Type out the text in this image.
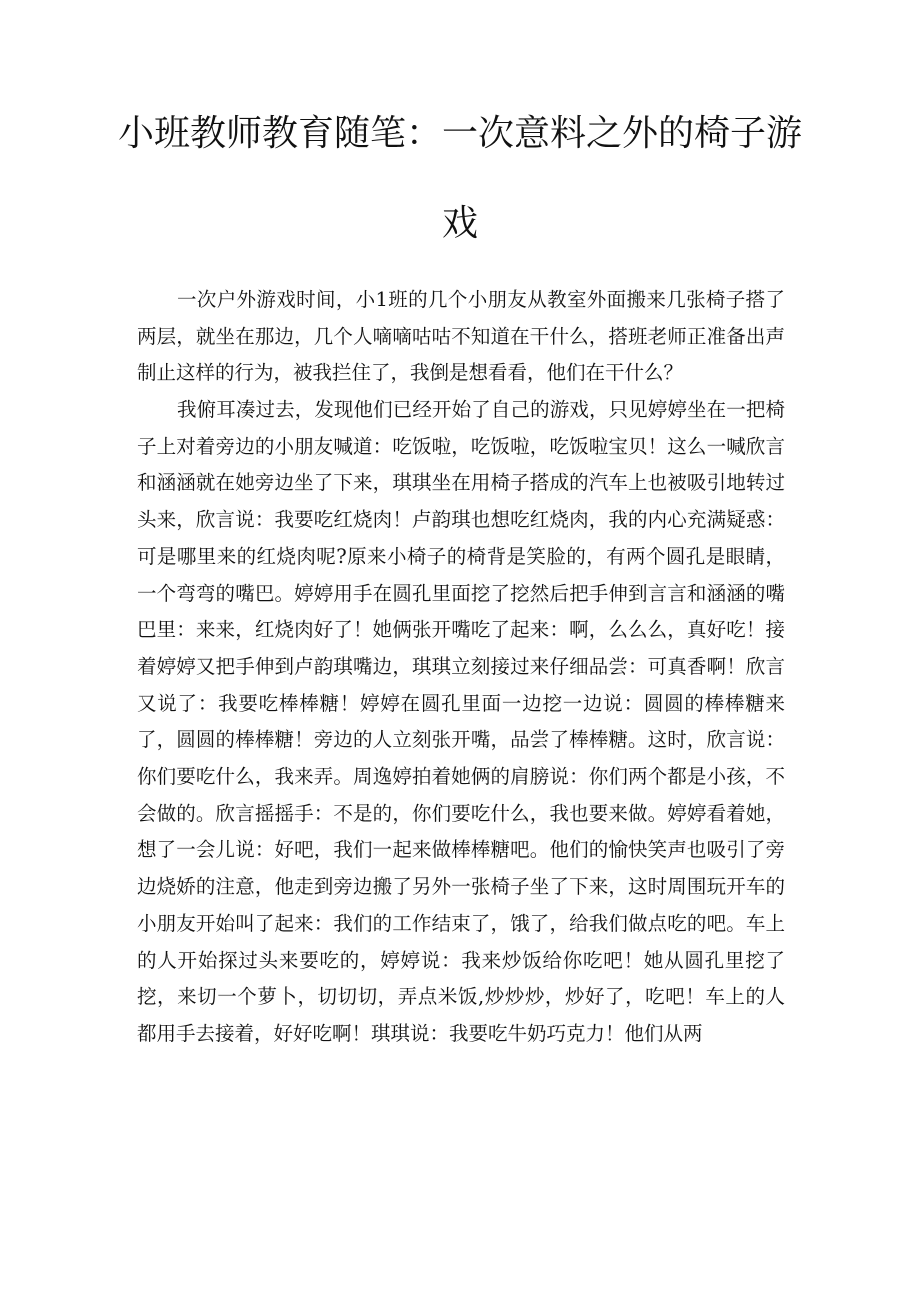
小班教师教育随笔：一次意料之外的椅子游
戏

一次户外游戏时间，小1班的几个小朋友从教室外面搬来几张椅子搭了两层，就坐在那边，几个人嘀嘀咕咕不知道在干什么，搭班老师正准备出声制止这样的行为，被我拦住了，我倒是想看看，他们在干什么？

我俯耳凑过去，发现他们已经开始了自己的游戏，只见婷婷坐在一把椅子上对着旁边的小朋友喊道：吃饭啦，吃饭啦，吃饭啦宝贝！这么一喊欣言和涵涵就在她旁边坐了下来，琪琪坐在用椅子搭成的汽车上也被吸引地转过头来，欣言说：我要吃红烧肉！卢韵琪也想吃红烧肉，我的内心充满疑惑：可是哪里来的红烧肉呢?原来小椅子的椅背是笑脸的，有两个圆孔是眼睛，一个弯弯的嘴巴。婷婷用手在圆孔里面挖了挖然后把手伸到言言和涵涵的嘴巴里：来来，红烧肉好了！她俩张开嘴吃了起来：啊，么么么，真好吃！接着婷婷又把手伸到卢韵琪嘴边，琪琪立刻接过来仔细品尝：可真香啊！欣言又说了：我要吃棒棒糖！婷婷在圆孔里面一边挖一边说：圆圆的棒棒糖来了，圆圆的棒棒糖！旁边的人立刻张开嘴，品尝了棒棒糖。这时，欣言说：你们要吃什么，我来弄。周逸婷拍着她俩的肩膀说：你们两个都是小孩，不会做的。欣言摇摇手：不是的，你们要吃什么，我也要来做。婷婷看着她，想了一会儿说：好吧，我们一起来做棒棒糖吧。他们的愉快笑声也吸引了旁边烧娇的注意，他走到旁边搬了另外一张椅子坐了下来，这时周围玩开车的小朋友开始叫了起来：我们的工作结束了，饿了，给我们做点吃的吧。车上的人开始探过头来要吃的，婷婷说：我来炒饭给你吃吧！她从圆孔里挖了挖，来切一个萝卜，切切切，弄点米饭,炒炒炒，炒好了，吃吧！车上的人都用手去接着，好好吃啊！琪琪说：我要吃牛奶巧克力！他们从两
